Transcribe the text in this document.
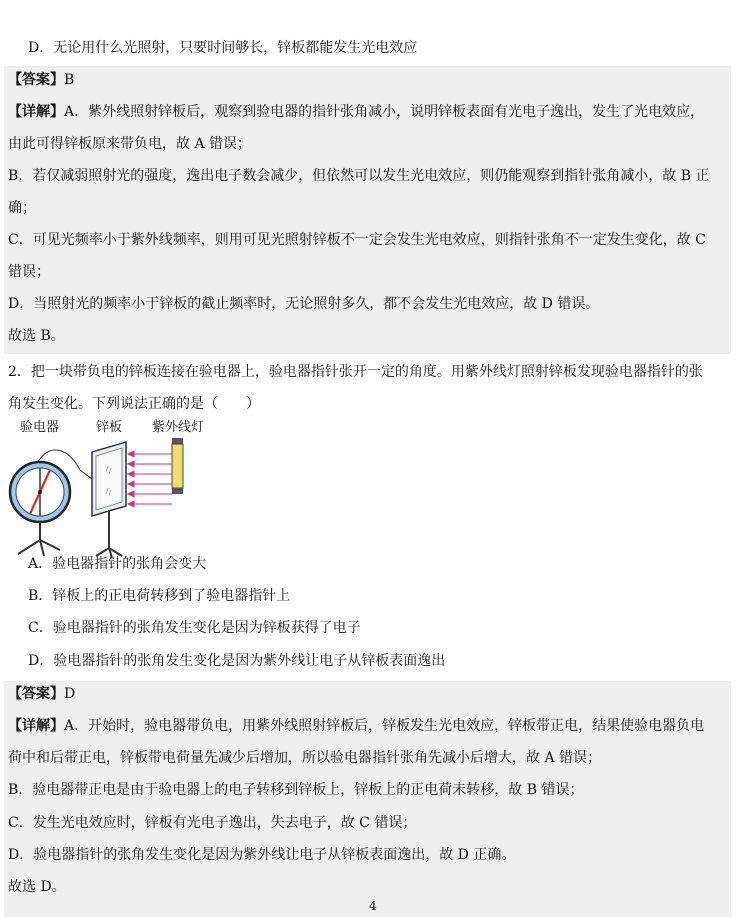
D．无论用什么光照射，只要时间够长，锌板都能发生光电效应
【答案】B
【详解】A．紫外线照射锌板后，观察到验电器的指针张角减小，说明锌板表面有光电子逸出，发生了光电效应，
由此可得锌板原来带负电，故 A 错误；
B．若仅减弱照射光的强度，逸出电子数会减少，但依然可以发生光电效应，则仍能观察到指针张角减小，故 B 正
确；
C．可见光频率小于紫外线频率，则用可见光照射锌板不一定会发生光电效应，则指针张角不一定发生变化，故 C
错误；
D．当照射光的频率小于锌板的截止频率时，无论照射多久，都不会发生光电效应，故 D 错误。
故选 B。
2．把一块带负电的锌板连接在验电器上，验电器指针张开一定的角度。用紫外线灯照射锌板发现验电器指针的张
角发生变化。下列说法正确的是（　　）
验电器	锌板 紫外线灯
A．验电器指针的张角会变大
B．锌板上的正电荷转移到了验电器指针上
C．验电器指针的张角发生变化是因为锌板获得了电子
D．验电器指针的张角发生变化是因为紫外线让电子从锌板表面逸出
【答案】D
【详解】A．开始时，验电器带负电，用紫外线照射锌板后，锌板发生光电效应，锌板带正电，结果使验电器负电
荷中和后带正电，锌板带电荷量先减少后增加，所以验电器指针张角先减小后增大，故 A 错误；
B．验电器带正电是由于验电器上的电子转移到锌板上，锌板上的正电荷未转移，故 B 错误；
C．发生光电效应时，锌板有光电子逸出，失去电子，故 C 错误；
D．验电器指针的张角发生变化是因为紫外线让电子从锌板表面逸出，故 D 正确。
故选 D。
4
